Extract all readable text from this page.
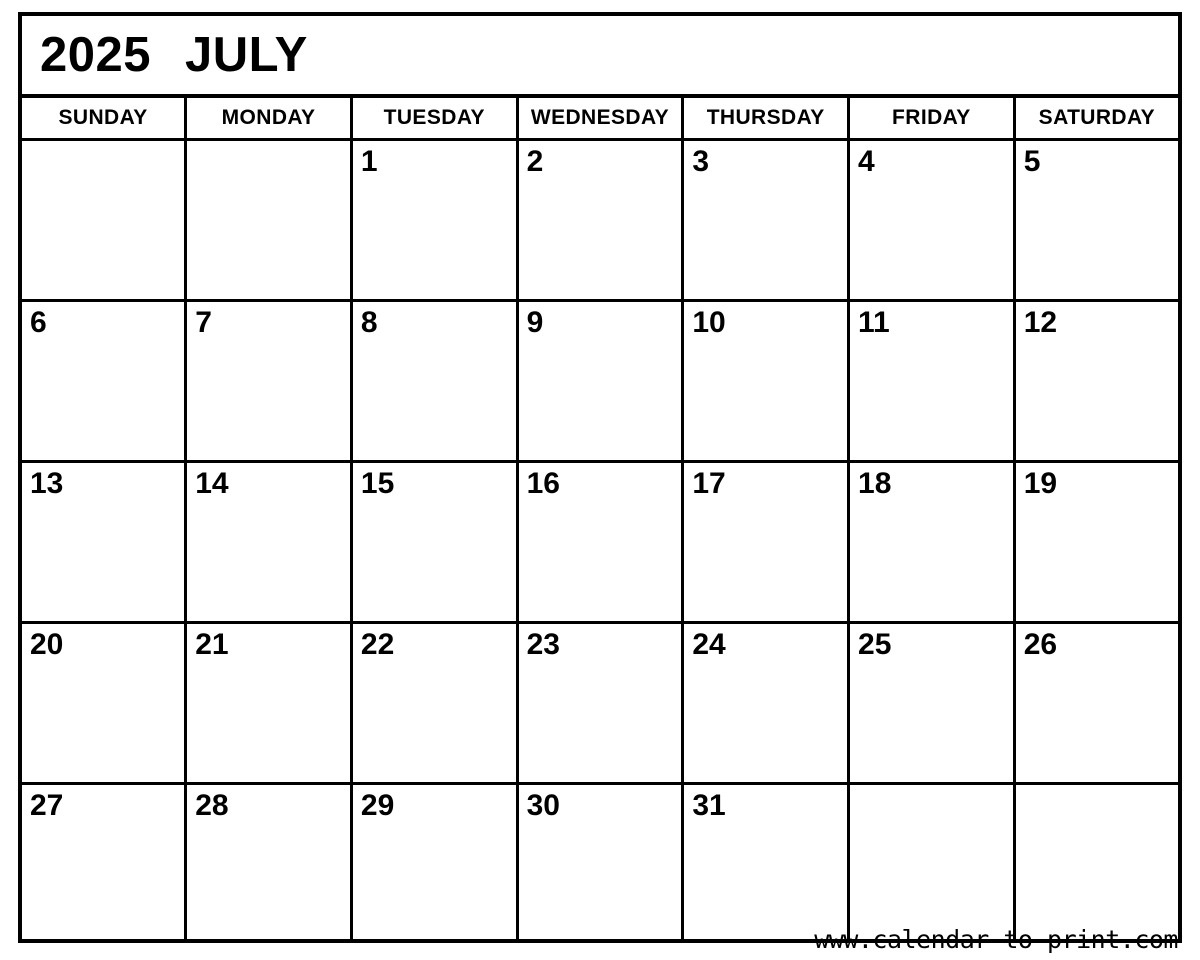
2025 JULY						
SUNDAY	MONDAY	TUESDAY	WEDNESDAY	THURSDAY	FRIDAY	SATURDAY
		1	2	3	4	5
6	7	8	9	10	11	12
13	14	15	16	17	18	19
20	21	22	23	24	25	26
27	28	29	30	31		
www.calendar-to-print.com
